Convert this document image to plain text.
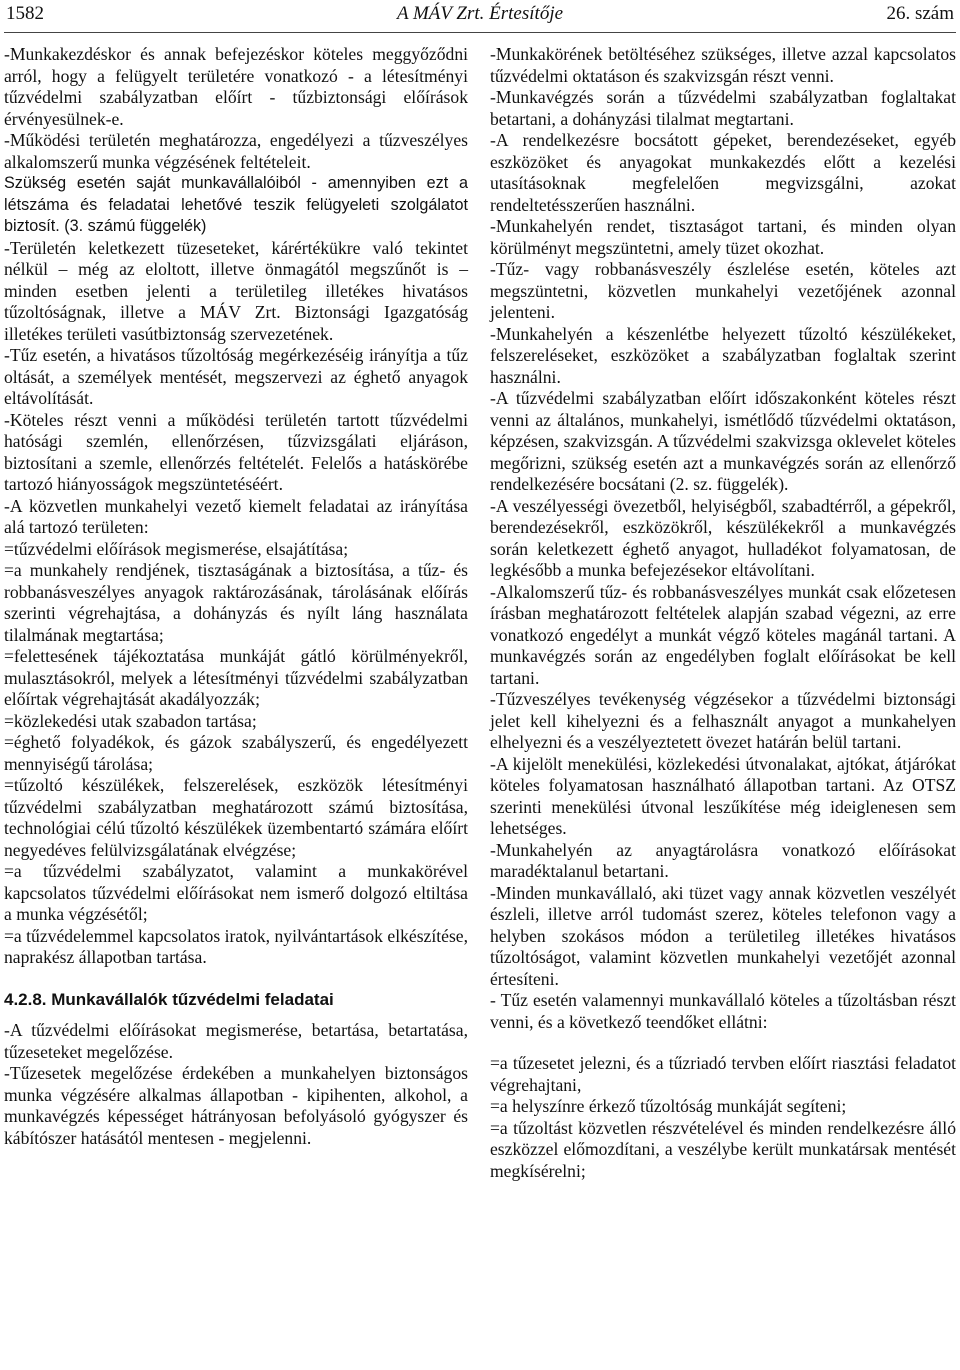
1582	A MÁV Zrt. Értesítője	26. szám

-Munkakezdéskor és annak befejezéskor köteles meggyőződni arról, hogy a felügyelt területére vonatkozó - a létesítményi tűzvédelmi szabályzatban előírt - tűzbiztonsági előírások érvényesülnek-e.

-Működési területén meghatározza, engedélyezi a tűzveszélyes alkalomszerű munka végzésének feltételeit.

Szükség esetén saját munkavállalóiból - amennyiben ezt a létszáma és feladatai lehetővé teszik felügyeleti szolgálatot biztosít. (3. számú függelék)

-Területén keletkezett tüzeseteket, kárértékükre való tekintet nélkül – még az eloltott, illetve önmagától megszűnőt is – minden esetben jelenti a területileg illetékes hivatásos tűzoltóságnak, illetve a MÁV Zrt. Biztonsági Igazgatóság illetékes területi vasútbiztonság szervezetének.

-Tűz esetén, a hivatásos tűzoltóság megérkezéséig irányítja a tűz oltását, a személyek mentését, megszervezi az éghető anyagok eltávolítását.

-Köteles részt venni a működési területén tartott tűzvédelmi hatósági szemlén, ellenőrzésen, tűzvizsgálati eljáráson, biztosítani a szemle, ellenőrzés feltételét. Felelős a hatáskörébe tartozó hiányosságok megszüntetéséért.

-A közvetlen munkahelyi vezető kiemelt feladatai az irányítása alá tartozó területen:

=tűzvédelmi előírások megismerése, elsajátítása;

=a munkahely rendjének, tisztaságának a biztosítása, a tűz- és robbanásveszélyes anyagok raktározásának, tárolásának előírás szerinti végrehajtása, a dohányzás és nyílt láng használata tilalmának megtartása;

=felettesének tájékoztatása munkáját gátló körülményekről, mulasztásokról, melyek a létesítményi tűzvédelmi szabályzatban előírtak végrehajtását akadályozzák;

=közlekedési utak szabadon tartása;

=éghető folyadékok, és gázok szabályszerű, és engedélyezett mennyiségű tárolása;

=tűzoltó készülékek, felszerelések, eszközök létesítményi tűzvédelmi szabályzatban meghatározott számú biztosítása, technológiai célú tűzoltó készülékek üzembentartó számára előírt negyedéves felülvizsgálatának elvégzése;

=a tűzvédelmi szabályzatot, valamint a munkakörével kapcsolatos tűzvédelmi előírásokat nem ismerő dolgozó eltiltása a munka végzésétől;

=a tűzvédelemmel kapcsolatos iratok, nyilvántartások elkészítése, naprakész állapotban tartása.

4.2.8. Munkavállalók tűzvédelmi feladatai

-A tűzvédelmi előírásokat megismerése, betartása, betartatása, tűzeseteket megelőzése.

-Tűzesetek megelőzése érdekében a munkahelyen biztonságos munka végzésére alkalmas állapotban - kipihenten, alkohol, a munkavégzés képességet hátrányosan befolyásoló gyógyszer és kábítószer hatásától mentesen - megjelenni.

-Munkakörének betöltéséhez szükséges, illetve azzal kapcsolatos tűzvédelmi oktatáson és szakvizsgán részt venni.

-Munkavégzés során a tűzvédelmi szabályzatban foglaltakat betartani, a dohányzási tilalmat megtartani.

-A rendelkezésre bocsátott gépeket, berendezéseket, egyéb eszközöket és anyagokat munkakezdés előtt a kezelési utasításoknak megfelelően megvizsgálni, azokat rendeltetésszerűen használni.

-Munkahelyén rendet, tisztaságot tartani, és minden olyan körülményt megszüntetni, amely tüzet okozhat.

-Tűz- vagy robbanásveszély észlelése esetén, köteles azt megszüntetni, közvetlen munkahelyi vezetőjének azonnal jelenteni.

-Munkahelyén a készenlétbe helyezett tűzoltó készülékeket, felszereléseket, eszközöket a szabályzatban foglaltak szerint használni.

-A tűzvédelmi szabályzatban előírt időszakonként köteles részt venni az általános, munkahelyi, ismétlődő tűzvédelmi oktatáson, képzésen, szakvizsgán. A tűzvédelmi szakvizsga oklevelet köteles megőrizni, szükség esetén azt a munkavégzés során az ellenőrző rendelkezésére bocsátani (2. sz. függelék).

-A veszélyességi övezetből, helyiségből, szabadtérről, a gépekről, berendezésekről, eszközökről, készülékekről a munkavégzés során keletkezett éghető anyagot, hulladékot folyamatosan, de legkésőbb a munka befejezésekor eltávolítani.

-Alkalomszerű tűz- és robbanásveszélyes munkát csak előzetesen írásban meghatározott feltételek alapján szabad végezni, az erre vonatkozó engedélyt a munkát végző köteles magánál tartani. A munkavégzés során az engedélyben foglalt előírásokat be kell tartani.

-Tűzveszélyes tevékenység végzésekor a tűzvédelmi biztonsági jelet kell kihelyezni és a felhasznált anyagot a munkahelyen elhelyezni és a veszélyeztetett övezet határán belül tartani.

-A kijelölt menekülési, közlekedési útvonalakat, ajtókat, átjárókat köteles folyamatosan használható állapotban tartani. Az OTSZ szerinti menekülési útvonal leszűkítése még ideiglenesen sem lehetséges.

-Munkahelyén az anyagtárolásra vonatkozó előírásokat maradéktalanul betartani.

-Minden munkavállaló, aki tüzet vagy annak közvetlen veszélyét észleli, illetve arról tudomást szerez, köteles telefonon vagy a helyben szokásos módon a területileg illetékes hivatásos tűzoltóságot, valamint közvetlen munkahelyi vezetőjét azonnal értesíteni.

- Tűz esetén valamennyi munkavállaló köteles a tűzoltásban részt venni, és a következő teendőket ellátni:

=a tűzesetet jelezni, és a tűzriadó tervben előírt riasztási feladatot végrehajtani,

=a helyszínre érkező tűzoltóság munkáját segíteni;

=a tűzoltást közvetlen részvételével és minden rendelkezésre álló eszközzel előmozdítani, a veszélybe került munkatársak mentését megkísérelni;
